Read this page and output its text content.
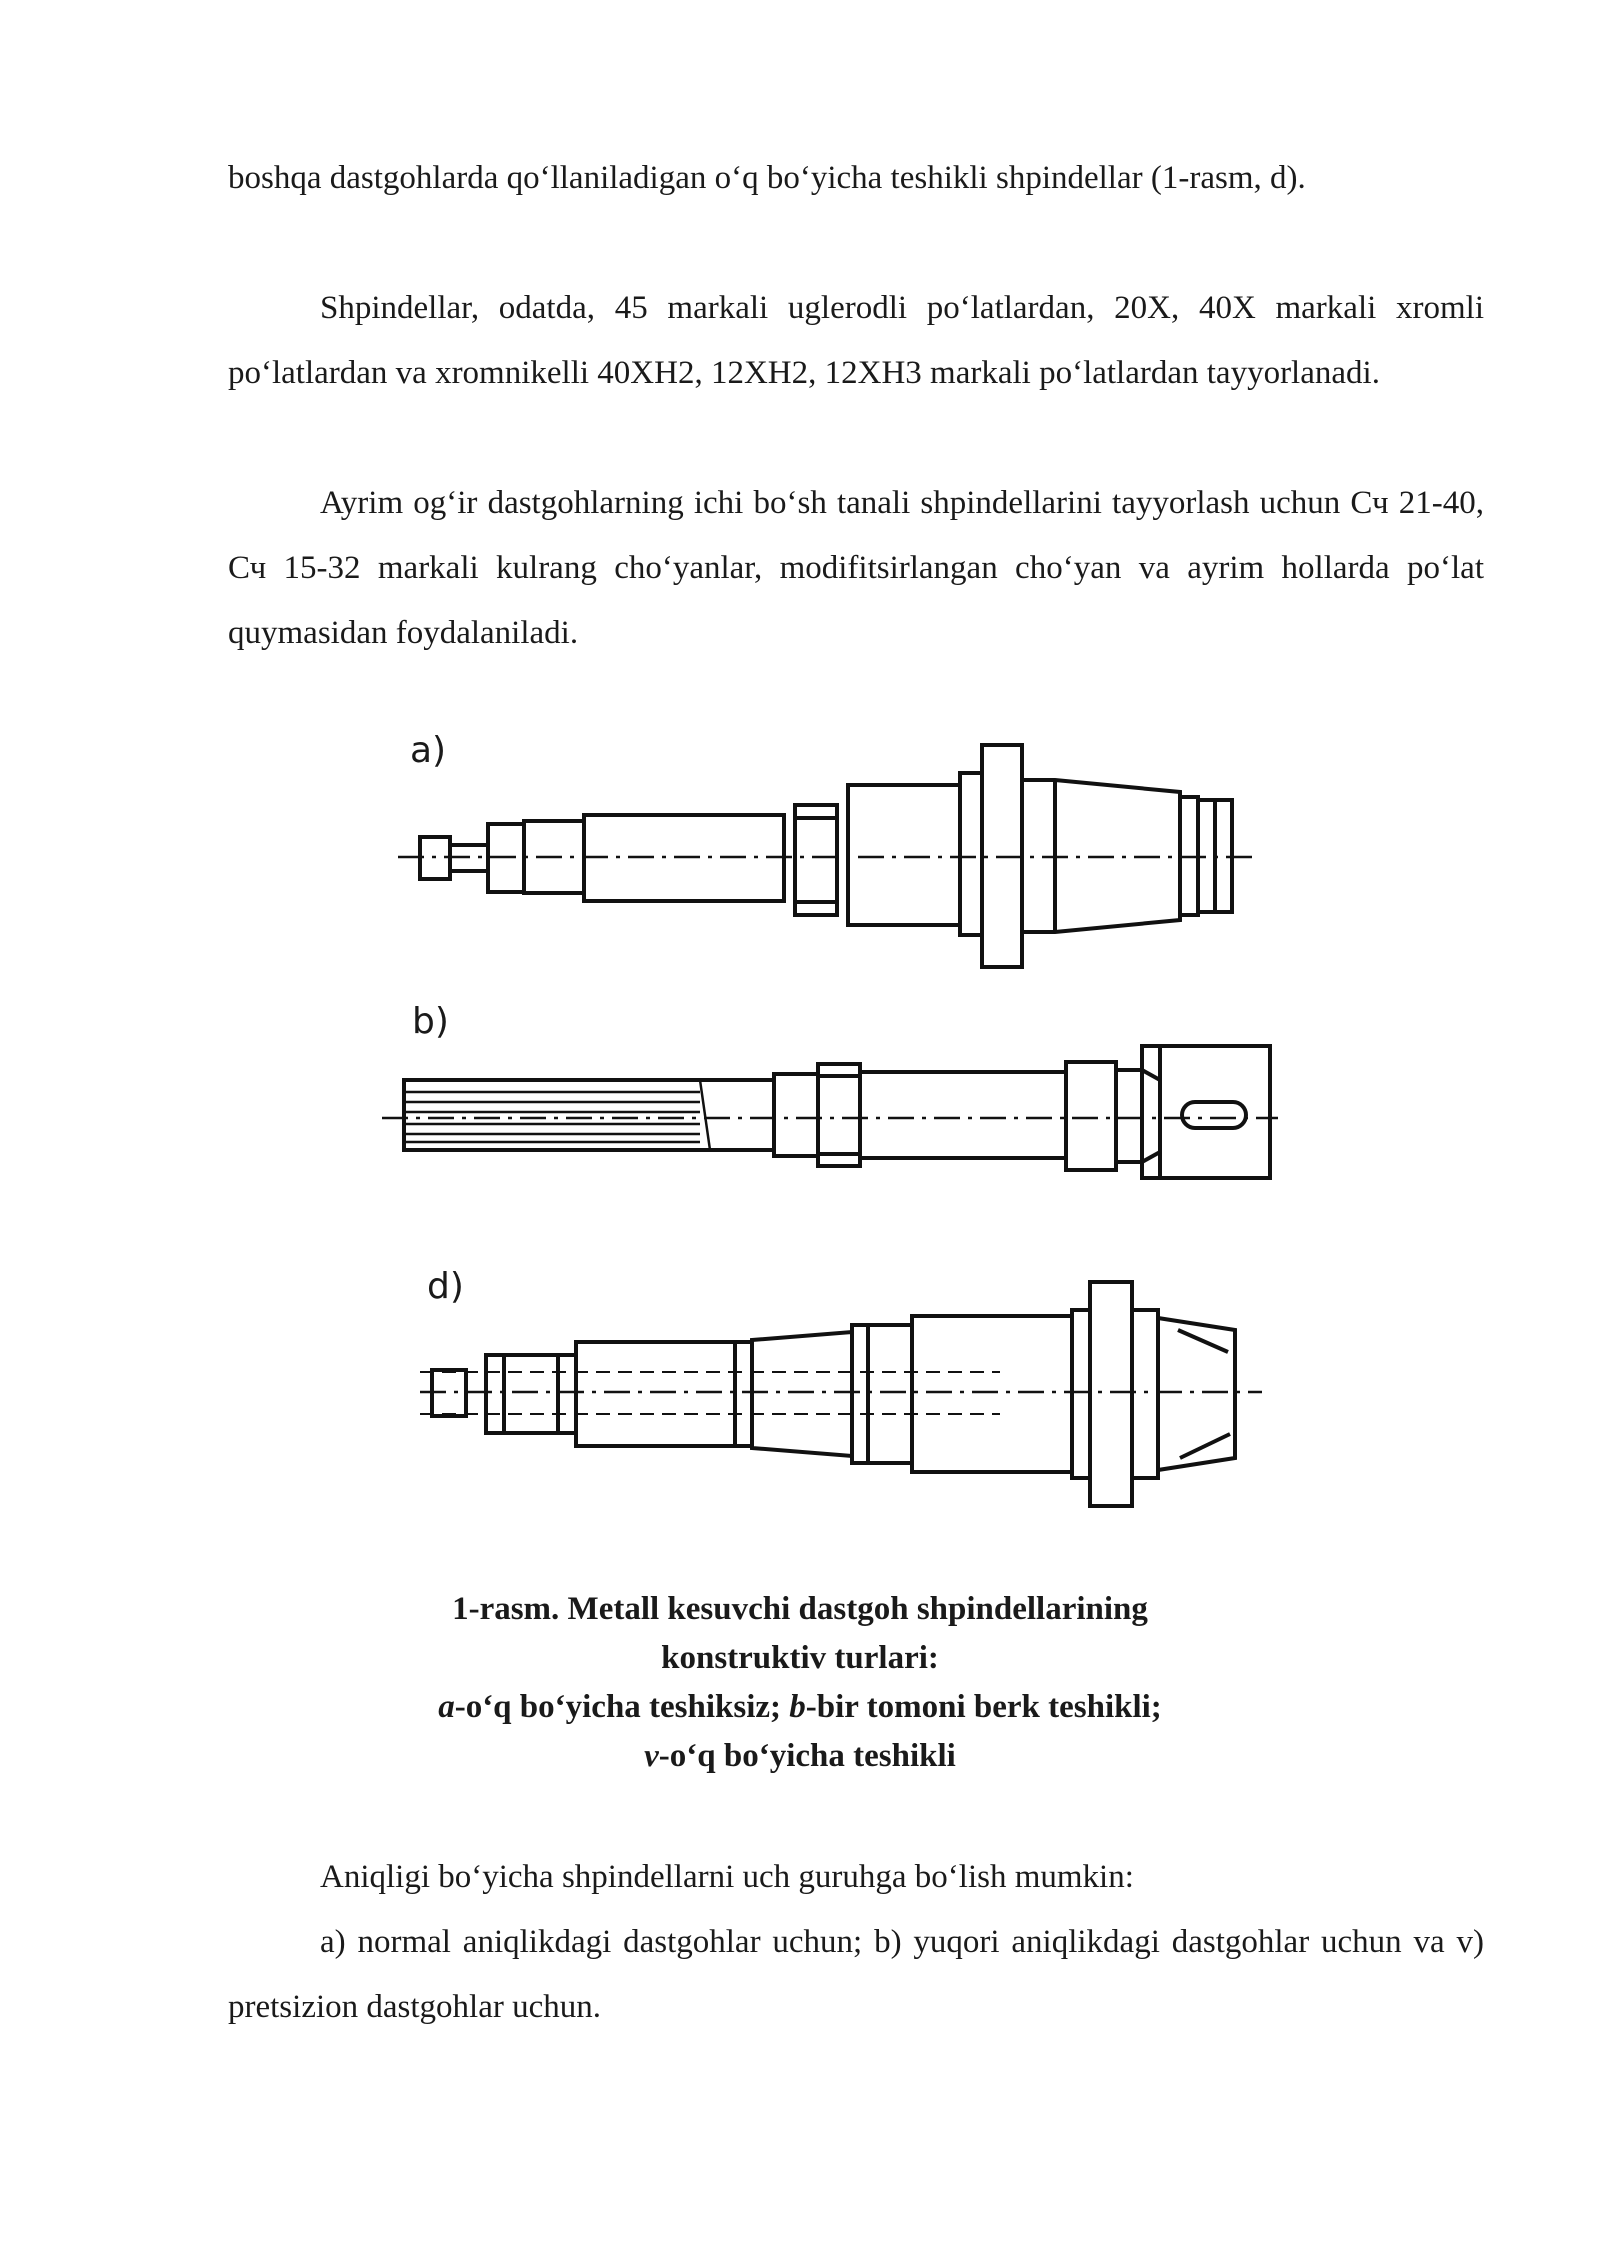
boshqa dastgohlarda qo‘llaniladigan o‘q bo‘yicha teshikli shpindellar (1-rasm, d).

Shpindellar, odatda, 45 markali uglerodli po‘latlardan, 20X, 40X markali xromli po‘latlardan va xromnikelli 40XH2, 12XH2, 12XH3 markali po‘latlardan tayyorlanadi.

Ayrim og‘ir dastgohlarning ichi bo‘sh tanali shpindellarini tayyorlash uchun Сч 21-40, Сч 15-32 markali kulrang cho‘yanlar, modifitsirlangan cho‘yan va ayrim hollarda po‘lat quymasidan foydalaniladi.

a)
b)
d)
1-rasm. Metall kesuvchi dastgoh shpindellarining
konstruktiv turlari:
a-o‘q bo‘yicha teshiksiz; b-bir tomoni berk teshikli;
v-o‘q bo‘yicha teshikli

Aniqligi bo‘yicha shpindellarni uch guruhga bo‘lish mumkin:

a) normal aniqlikdagi dastgohlar uchun; b) yuqori aniqlikdagi dastgohlar uchun va v) pretsizion dastgohlar uchun.
